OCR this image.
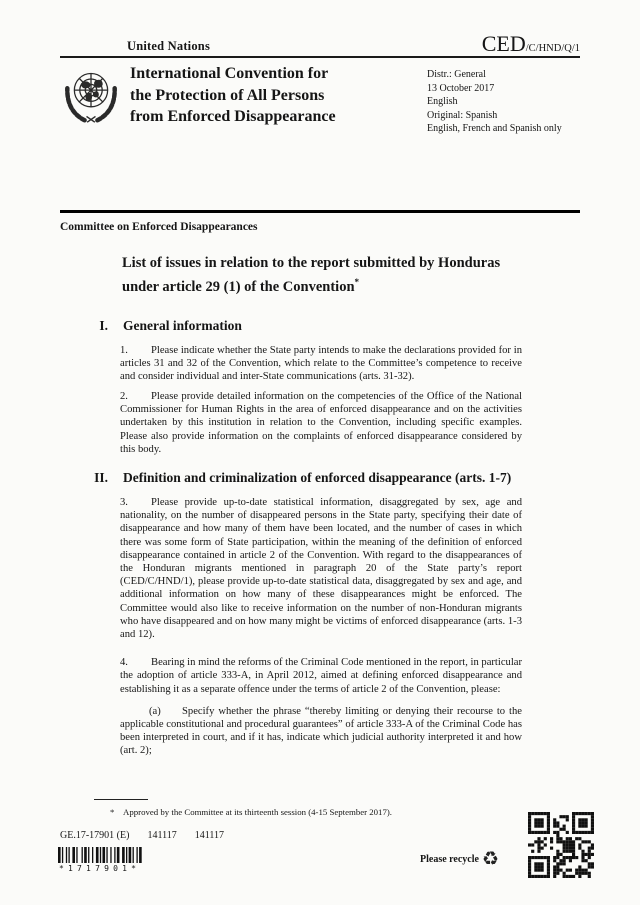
United Nations	CED/C/HND/Q/1
International Convention for
the Protection of All Persons
from Enforced Disappearance
Distr.: General
13 October 2017
English
Original: Spanish
English, French and Spanish only
Committee on Enforced Disappearances
List of issues in relation to the report submitted by Honduras under article 29 (1) of the Convention*
I. General information

1. Please indicate whether the State party intends to make the declarations provided for in articles 31 and 32 of the Convention, which relate to the Committee’s competence to receive and consider individual and inter-State communications (arts. 31-32).

2. Please provide detailed information on the competencies of the Office of the National Commissioner for Human Rights in the area of enforced disappearance and on the activities undertaken by this institution in relation to the Convention, including specific examples. Please also provide information on the complaints of enforced disappearance considered by this body.

II. Definition and criminalization of enforced disappearance (arts. 1-7)

3. Please provide up-to-date statistical information, disaggregated by sex, age and nationality, on the number of disappeared persons in the State party, specifying their date of disappearance and how many of them have been located, and the number of cases in which there was some form of State participation, within the meaning of the definition of enforced disappearance contained in article 2 of the Convention. With regard to the disappearances of the Honduran migrants mentioned in paragraph 20 of the State party’s report (CED/C/HND/1), please provide up-to-date statistical data, disaggregated by sex and age, and additional information on how many of these disappearances might be enforced. The Committee would also like to receive information on the number of non-Honduran migrants who have disappeared and on how many might be victims of enforced disappearance (arts. 1-3 and 12).

4. Bearing in mind the reforms of the Criminal Code mentioned in the report, in particular the adoption of article 333-A, in April 2012, aimed at defining enforced disappearance and establishing it as a separate offence under the terms of article 2 of the Convention, please:

(a) Specify whether the phrase “thereby limiting or denying their recourse to the applicable constitutional and procedural guarantees” of article 333-A of the Criminal Code has been interpreted in court, and if it has, indicate which judicial authority interpreted it and how (art. 2);

* Approved by the Committee at its thirteenth session (4-15 September 2017).
GE.17-17901 (E) 141117 141117
*1717901*
Please recycle ♻
